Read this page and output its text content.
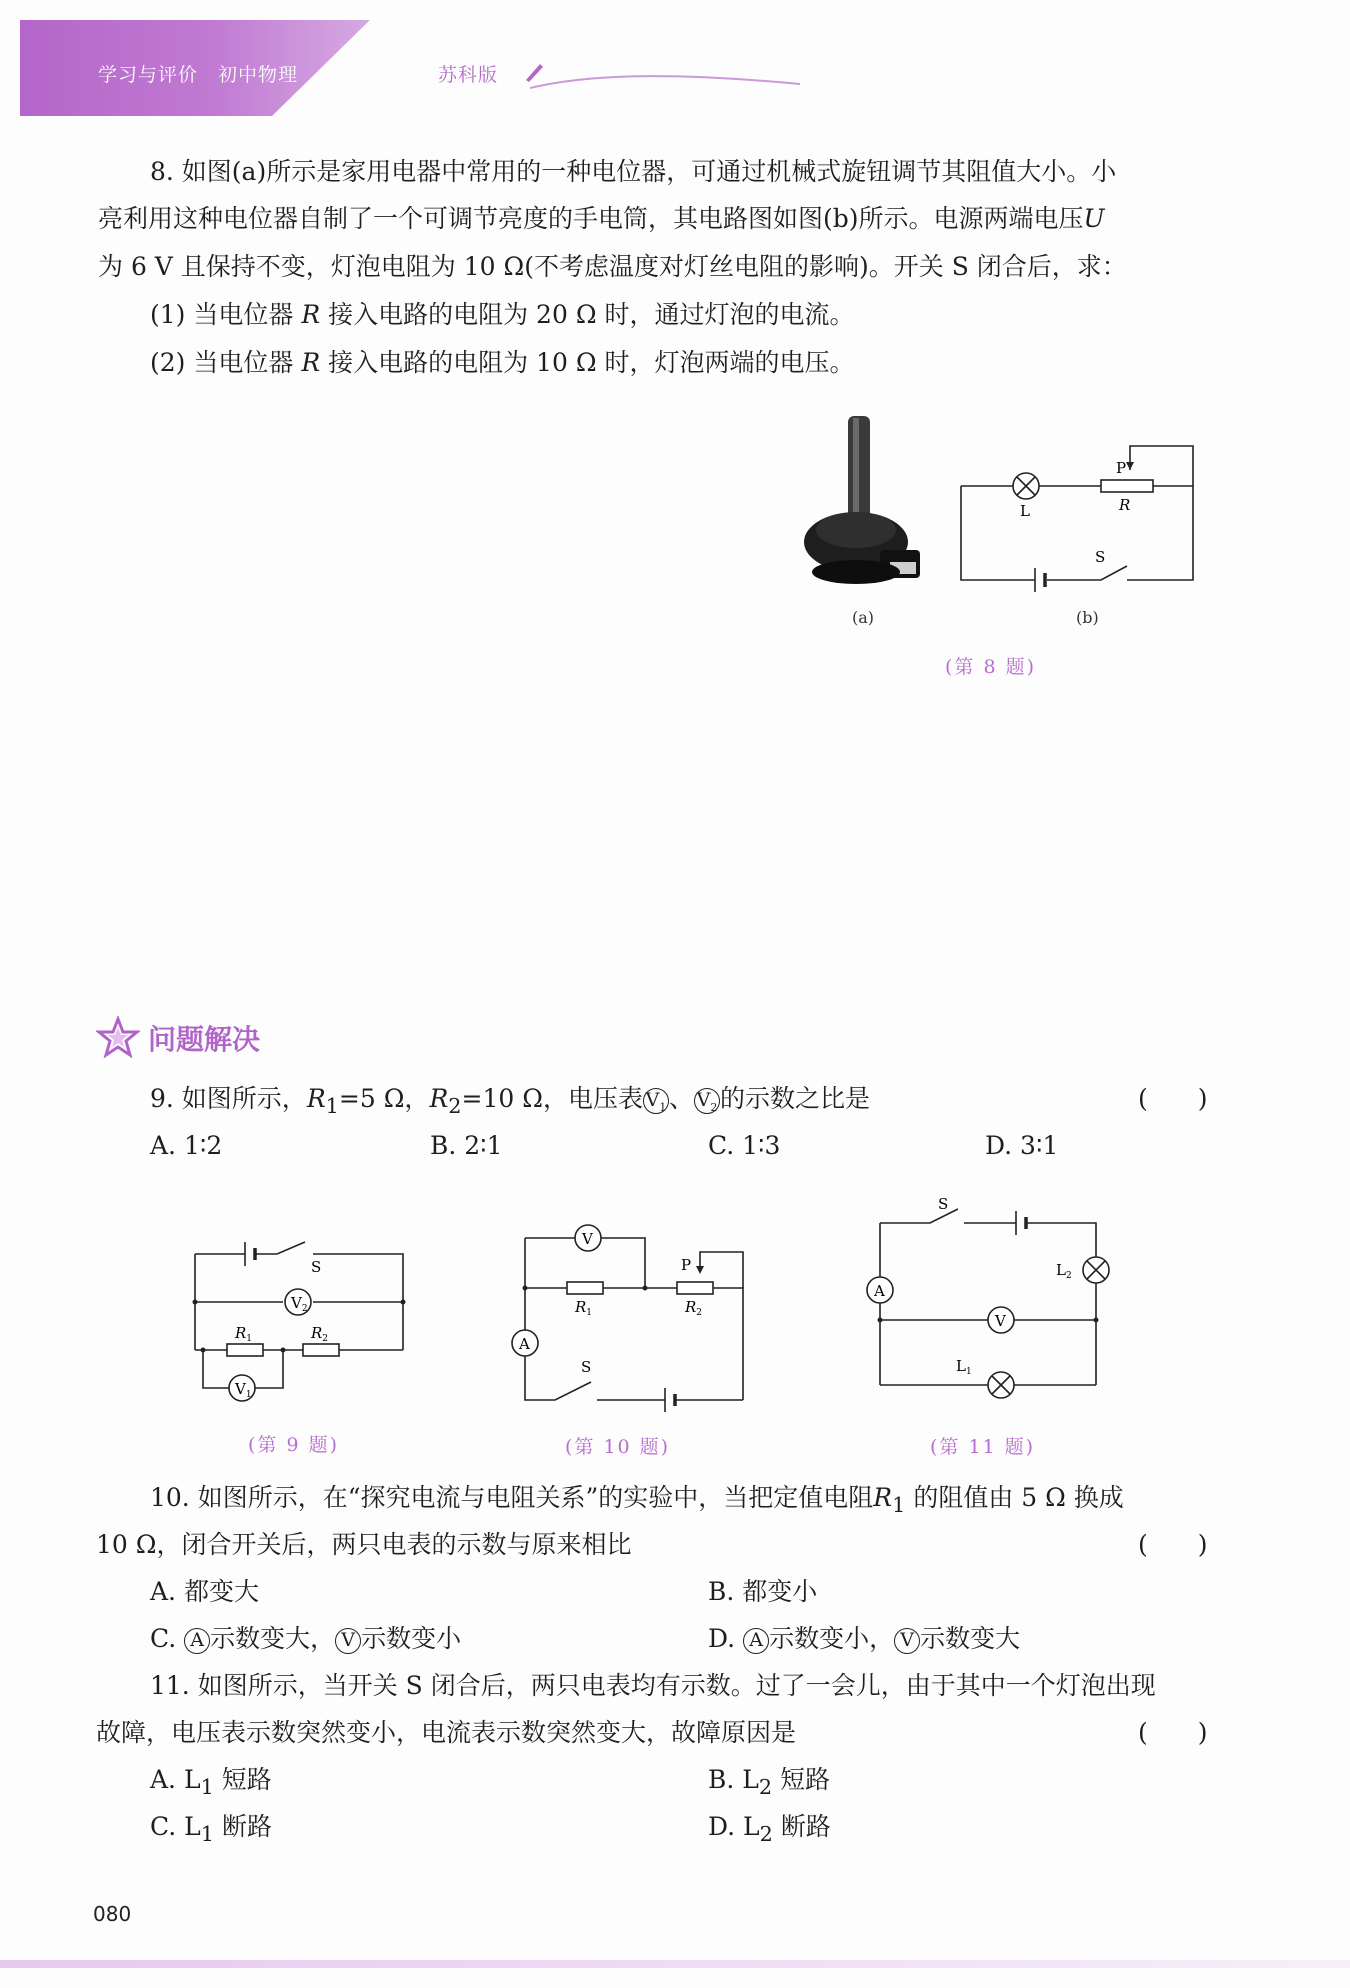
学习与评价 初中物理 九年级上册 苏科版
8. 如图(a)所示是家用电器中常用的一种电位器，可通过机械式旋钮调节其阻值大小。小
亮利用这种电位器自制了一个可调节亮度的手电筒，其电路图如图(b)所示。电源两端电压U
为 6 V 且保持不变，灯泡电阻为 10 Ω(不考虑温度对灯丝电阻的影响)。开关 S 闭合后，求：
(1) 当电位器 R 接入电路的电阻为 20 Ω 时，通过灯泡的电流。
(2) 当电位器 R 接入电路的电阻为 10 Ω 时，灯泡两端的电压。
(a)
P
R
L
S
(b)
(第 8 题)
问题解决
9. 如图所示，$R_1=5$ Ω，$R_2=10$ Ω，电压表 $V_1$ 、 $V_2$ 的示数之比是	(　　)
A. 1∶2	B. 2∶1	C. 1∶3	D. 3∶1
S
$V_2$
$R_1$	$R_2$
$V_1$
(第 9 题)
V
P
$R_1$	$R_2$
A
S
(第 10 题)
S
A
$L_2$
V
$L_1$
(第 11 题)
10. 如图所示，在“探究电流与电阻关系”的实验中，当把定值电阻$R_1$ 的阻值由 5 Ω 换成
10 Ω，闭合开关后，两只电表的示数与原来相比	(　　)
A. 都变大	B. 都变小
C. A 示数变大， V 示数变小	D. A 示数变小， V 示数变大
11. 如图所示，当开关 S 闭合后，两只电表均有示数。过了一会儿，由于其中一个灯泡出现
故障，电压表示数突然变小，电流表示数突然变大，故障原因是	(　　)
A. $L_1$ 短路	B. $L_2$ 短路
C. $L_1$ 断路	D. $L_2$ 断路
080
